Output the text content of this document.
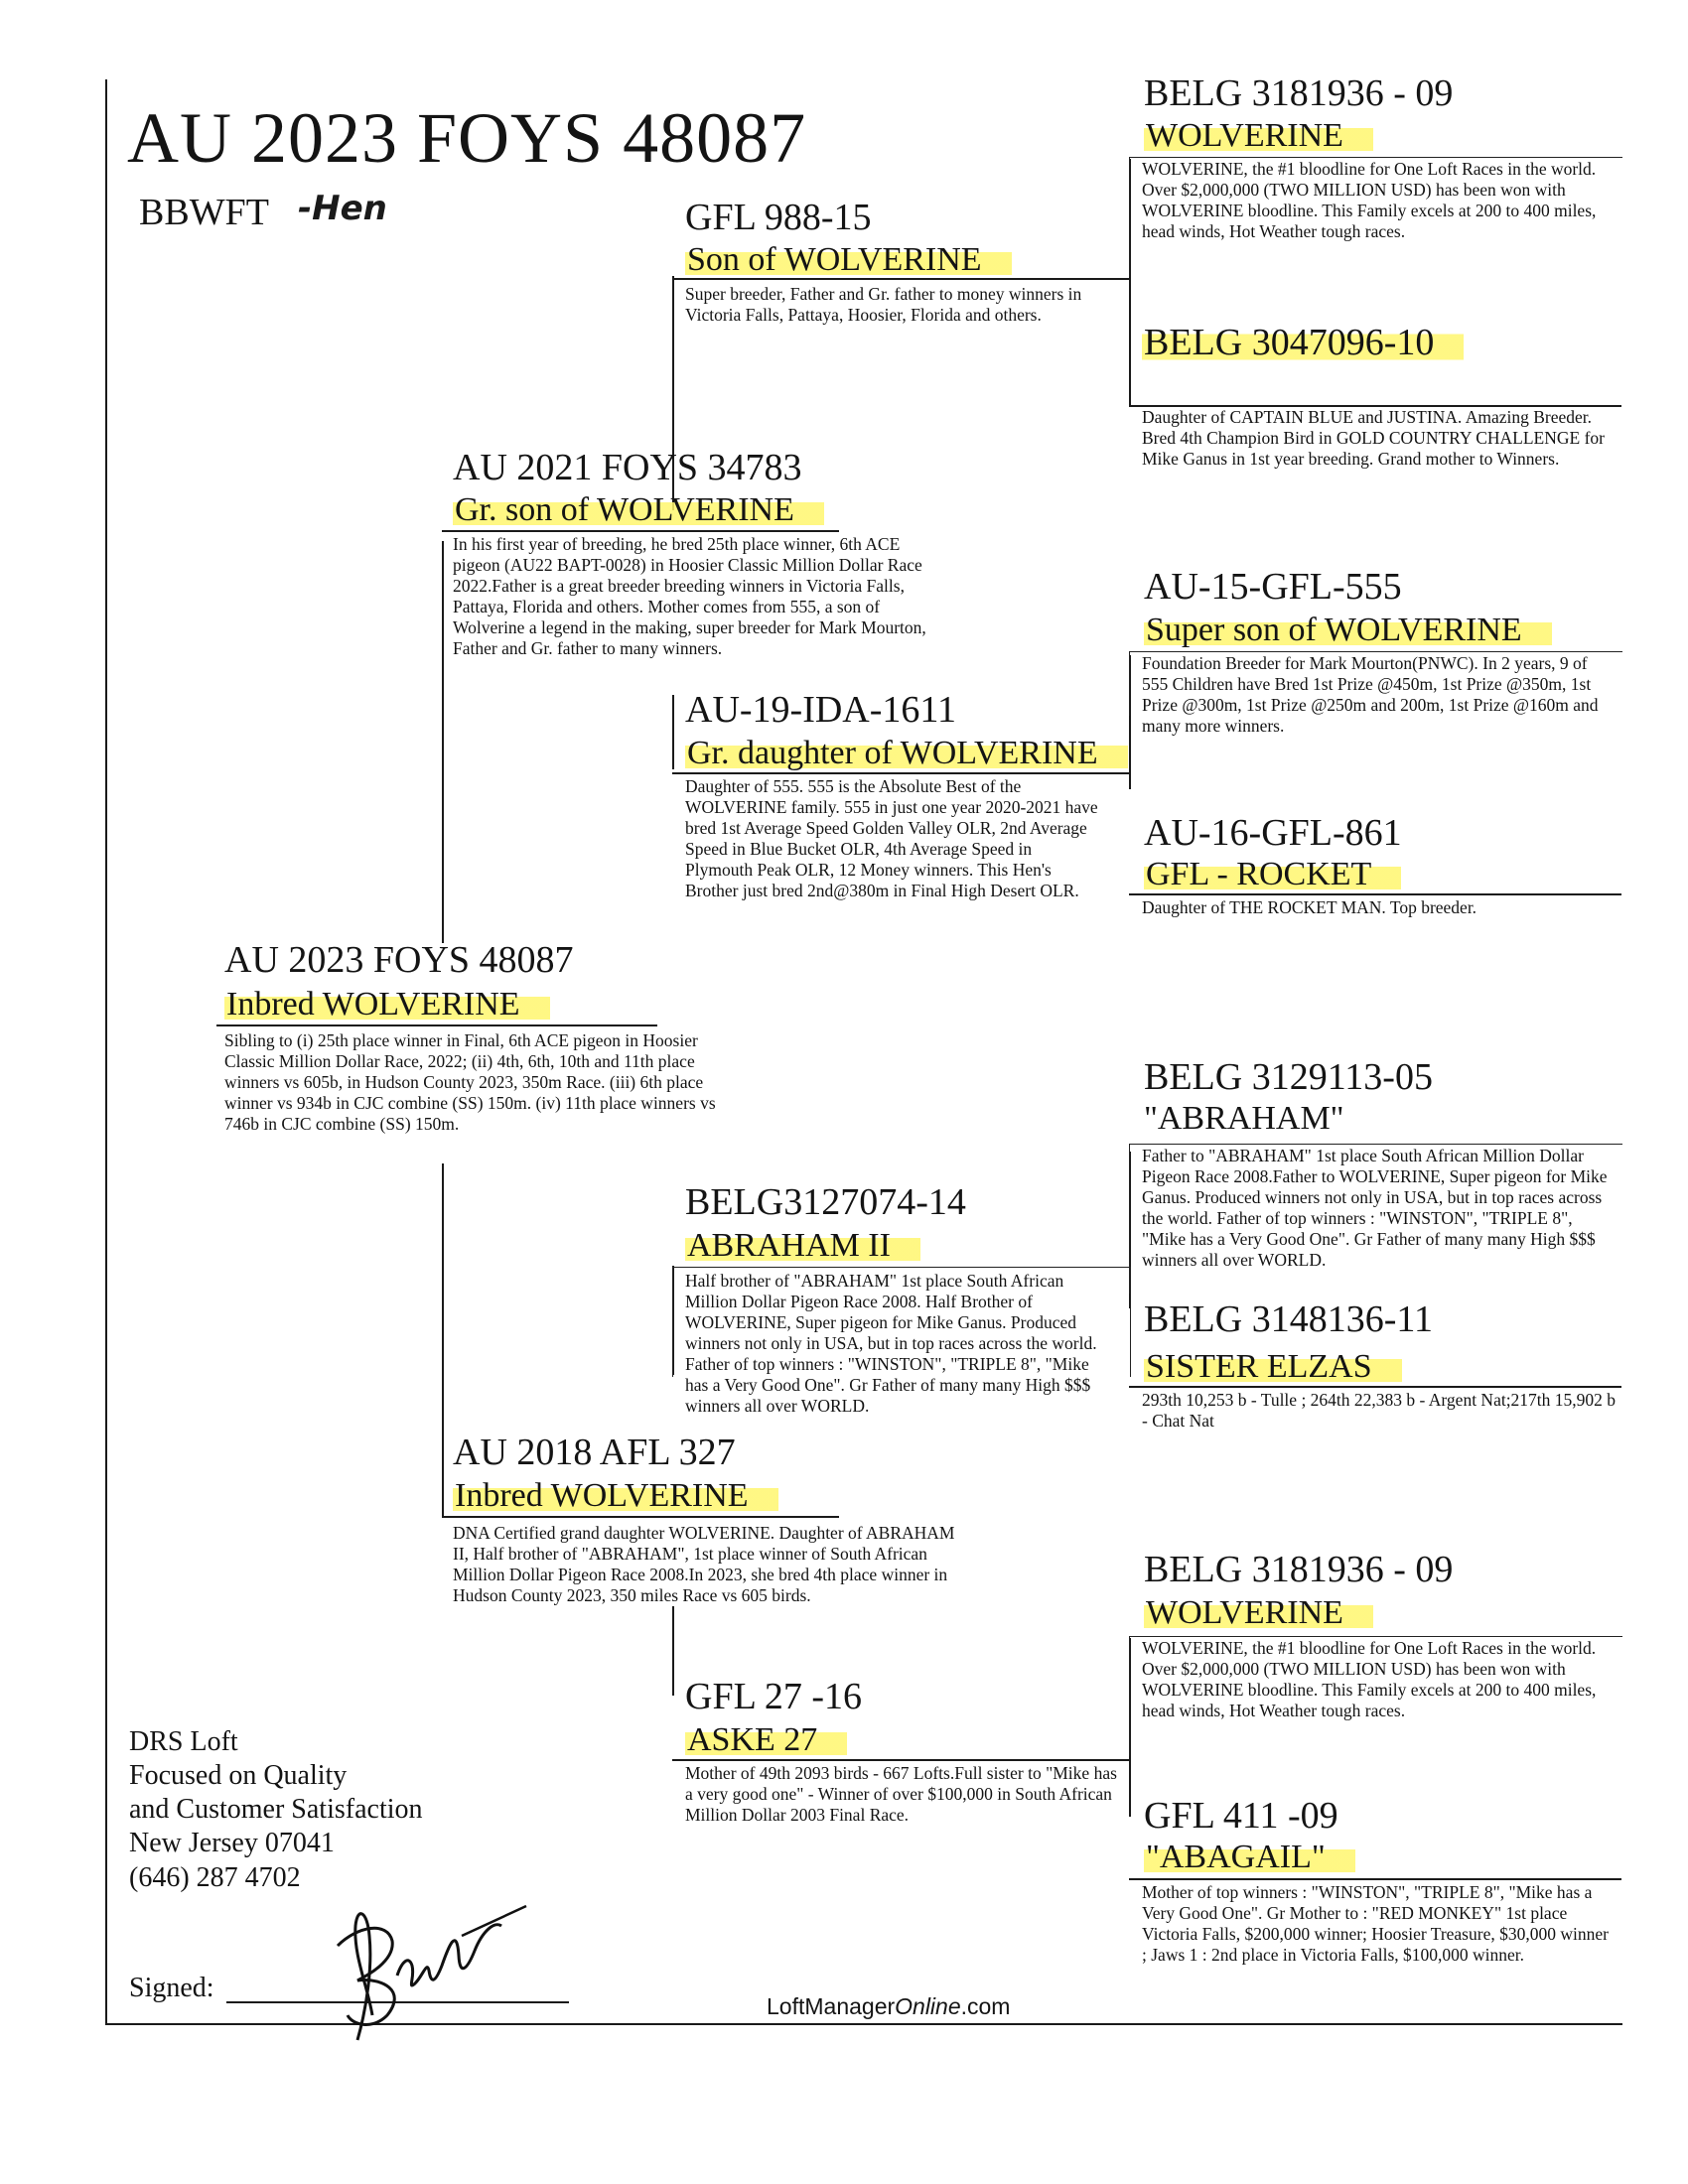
AU 2023 FOYS 48087
BBWFT -Hen
BELG 3181936 - 09
WOLVERINE
WOLVERINE, the #1 bloodline for One Loft Races in the world. Over $2,000,000 (TWO MILLION USD) has been won with WOLVERINE bloodline. This Family excels at 200 to 400 miles, head winds, Hot Weather tough races.
BELG 3047096-10
Daughter of CAPTAIN BLUE and JUSTINA. Amazing Breeder. Bred 4th Champion Bird in GOLD COUNTRY CHALLENGE for Mike Ganus in 1st year breeding. Grand mother to Winners.
AU-15-GFL-555
Super son of WOLVERINE
Foundation Breeder for Mark Mourton(PNWC). In 2 years, 9 of 555 Children have Bred 1st Prize @450m, 1st Prize @350m, 1st Prize @300m, 1st Prize @250m and 200m, 1st Prize @160m and many more winners.
AU-16-GFL-861
GFL - ROCKET
Daughter of THE ROCKET MAN. Top breeder.
BELG 3129113-05
"ABRAHAM"
Father to "ABRAHAM" 1st place South African Million Dollar Pigeon Race 2008.Father to WOLVERINE, Super pigeon for Mike Ganus. Produced winners not only in USA, but in top races across the world. Father of top winners : "WINSTON", "TRIPLE 8", "Mike has a Very Good One". Gr Father of many many High $$$ winners all over WORLD.
BELG 3148136-11
SISTER ELZAS
293th 10,253 b - Tulle ; 264th 22,383 b - Argent Nat;217th 15,902 b - Chat Nat
BELG 3181936 - 09
WOLVERINE
WOLVERINE, the #1 bloodline for One Loft Races in the world. Over $2,000,000 (TWO MILLION USD) has been won with WOLVERINE bloodline. This Family excels at 200 to 400 miles, head winds, Hot Weather tough races.
GFL 411 -09
"ABAGAIL"
Mother of top winners : "WINSTON", "TRIPLE 8", "Mike has a Very Good One". Gr Mother to : "RED MONKEY" 1st place Victoria Falls, $200,000 winner; Hoosier Treasure, $30,000 winner ; Jaws 1 : 2nd place in Victoria Falls, $100,000 winner.
GFL 988-15
Son of WOLVERINE
Super breeder, Father and Gr. father to money winners in Victoria Falls, Pattaya, Hoosier, Florida and others.
AU-19-IDA-1611
Gr. daughter of WOLVERINE
Daughter of 555. 555 is the Absolute Best of the WOLVERINE family. 555 in just one year 2020-2021 have bred 1st Average Speed Golden Valley OLR, 2nd Average Speed in Blue Bucket OLR, 4th Average Speed in Plymouth Peak OLR, 12 Money winners. This Hen's Brother just bred 2nd@380m in Final High Desert OLR.
BELG3127074-14
ABRAHAM II
Half brother of "ABRAHAM" 1st place South African Million Dollar Pigeon Race 2008. Half Brother of WOLVERINE, Super pigeon for Mike Ganus. Produced winners not only in USA, but in top races across the world. Father of top winners : "WINSTON", "TRIPLE 8", "Mike has a Very Good One". Gr Father of many many High $$$ winners all over WORLD.
GFL 27 -16
ASKE 27
Mother of 49th 2093 birds - 667 Lofts.Full sister to "Mike has a very good one" - Winner of over $100,000 in South African Million Dollar 2003 Final Race.
AU 2021 FOYS 34783
Gr. son of WOLVERINE
In his first year of breeding, he bred 25th place winner, 6th ACE pigeon (AU22 BAPT-0028) in Hoosier Classic Million Dollar Race 2022.Father is a great breeder breeding winners in Victoria Falls, Pattaya, Florida and others. Mother comes from 555, a son of Wolverine a legend in the making, super breeder for Mark Mourton, Father and Gr. father to many winners.
AU 2018 AFL 327
Inbred WOLVERINE
DNA Certified grand daughter WOLVERINE. Daughter of ABRAHAM II, Half brother of "ABRAHAM", 1st place winner of South African Million Dollar Pigeon Race 2008.In 2023, she bred 4th place winner in Hudson County 2023, 350 miles Race vs 605 birds.
AU 2023 FOYS 48087
Inbred WOLVERINE
Sibling to (i) 25th place winner in Final, 6th ACE pigeon in Hoosier Classic Million Dollar Race, 2022; (ii) 4th, 6th, 10th and 11th place winners vs 605b, in Hudson County 2023, 350m Race. (iii) 6th place winner vs 934b in CJC combine (SS) 150m. (iv) 11th place winners vs 746b in CJC combine (SS) 150m.
DRS Loft
Focused on Quality
and Customer Satisfaction
New Jersey 07041
(646) 287 4702
Signed:
LoftManagerOnline.com
